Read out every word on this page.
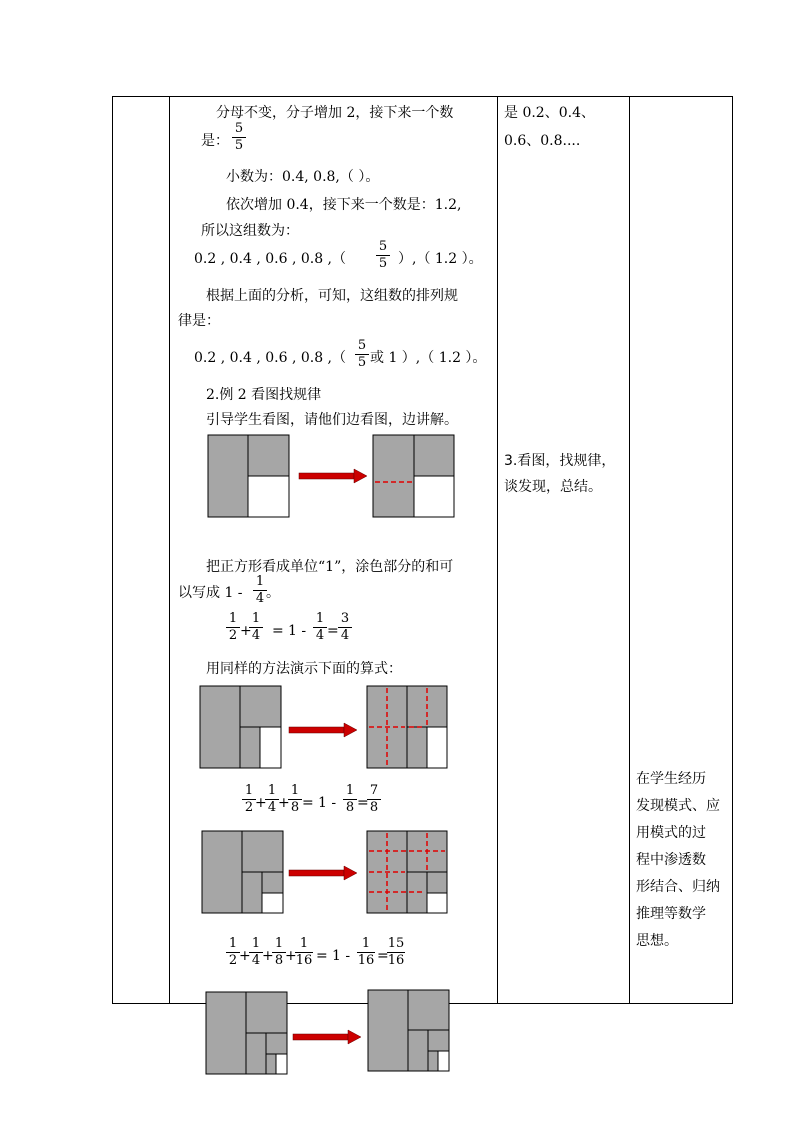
分母不变，分子增加 2，接下来一个数
是：
5
5
小数为：0.4, 0.8,（ ）。
依次增加 0.4，接下来一个数是：1.2,
所以这组数为：
0.2 , 0.4 , 0.6 , 0.8 ,（
5
5 ）,（ 1.2 ）。
根据上面的分析，可知，这组数的排列规
律是：
0.2 , 0.4 , 0.6 , 0.8 ,（
5
5 或 1 ）,（ 1.2 ）。
2.例 2 看图找规律
引导学生看图，请他们边看图，边讲解。
是 0.2、0.4、
0.6、0.8....
3.看图，找规律，
谈发现，总结。
把正方形看成单位“1”，涂色部分的和可
以写成 1 -
1
4 。
1
2 +
1
4 = 1 -
1
4 =
3
4
用同样的方法演示下面的算式：
1
2 +
1
4 +
1
8 = 1 -
1
8 =
7
8
1
2 +
1
4 +
1
8 +
1
16 = 1 -
1
16 =
15
16
在学生经历
发现模式、应
用模式的过
程中渗透数
形结合、归纳
推理等数学
思想。
